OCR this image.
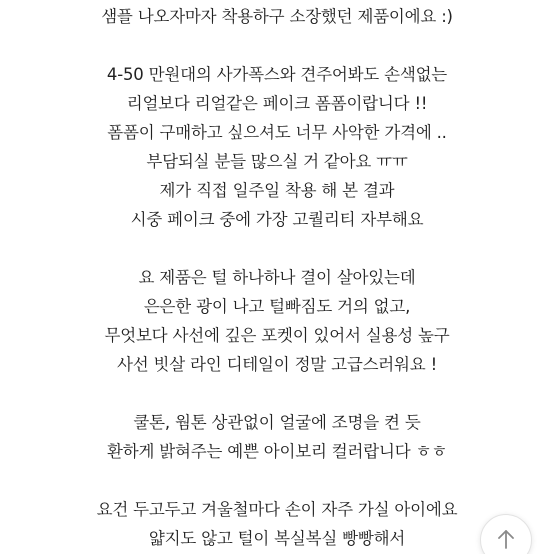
샘플 나오자마자 착용하구 소장했던 제품이에요 :)
4-50 만원대의 사가폭스와 견주어봐도 손색없는
리얼보다 리얼같은 페이크 폼폼이랍니다 !!
폼폼이 구매하고 싶으셔도 너무 사악한 가격에 ..
부담되실 분들 많으실 거 같아요 ㅠㅠ
제가 직접 일주일 착용 해 본 결과
시중 페이크 중에 가장 고퀄리티 자부해요
요 제품은 털 하나하나 결이 살아있는데
은은한 광이 나고 털빠짐도 거의 없고,
무엇보다 사선에 깊은 포켓이 있어서 실용성 높구
사선 빗살 라인 디테일이 정말 고급스러워요 !
쿨톤, 웜톤 상관없이 얼굴에 조명을 켠 듯
환하게 밝혀주는 예쁜 아이보리 컬러랍니다 ㅎㅎ
요건 두고두고 겨울철마다 손이 자주 가실 아이에요
얇지도 않고 털이 복실복실 빵빵해서
